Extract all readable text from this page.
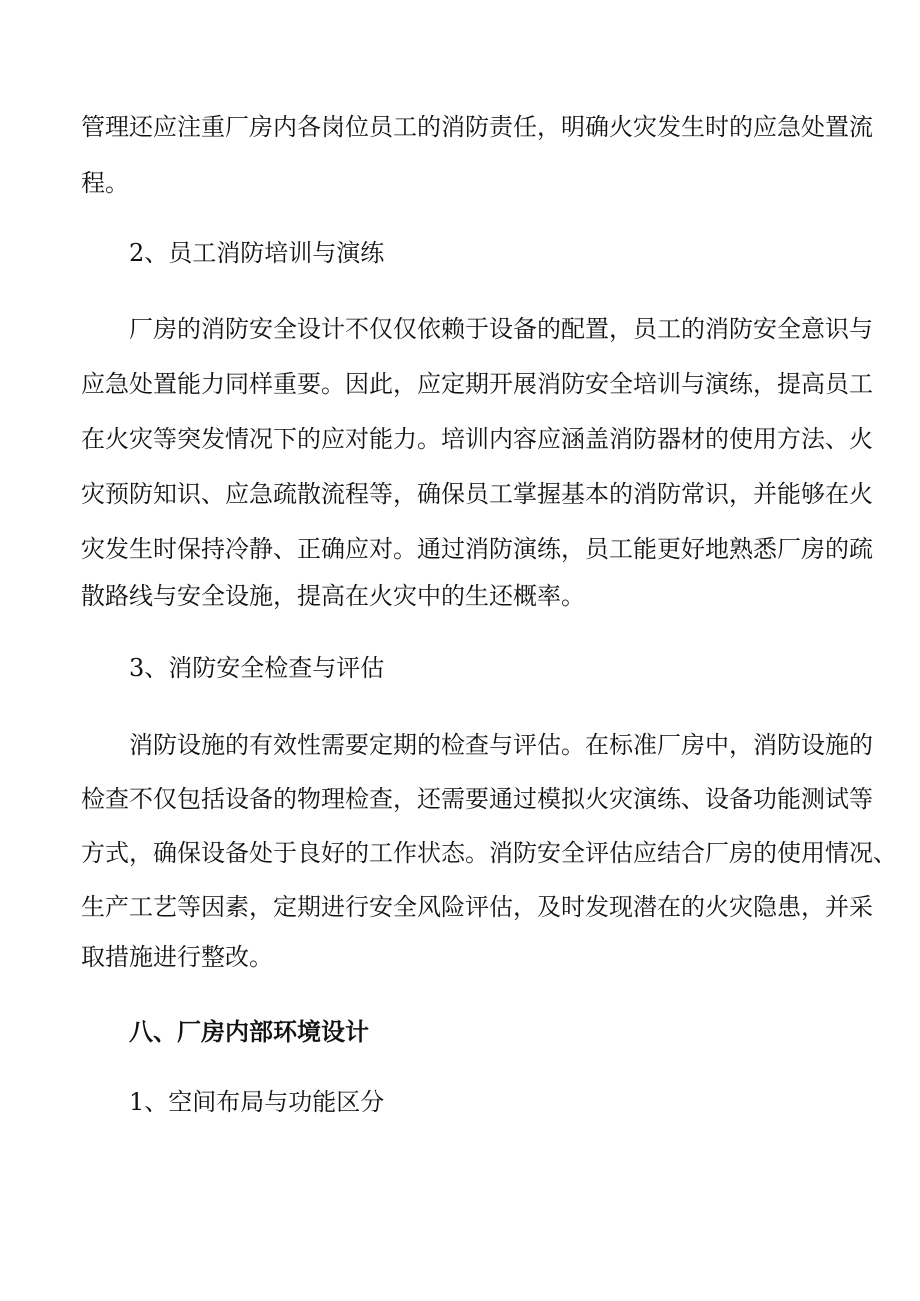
管理还应注重厂房内各岗位员工的消防责任，明确火灾发生时的应急处置流
程。
2、员工消防培训与演练
厂房的消防安全设计不仅仅依赖于设备的配置，员工的消防安全意识与
应急处置能力同样重要。因此，应定期开展消防安全培训与演练，提高员工
在火灾等突发情况下的应对能力。培训内容应涵盖消防器材的使用方法、火
灾预防知识、应急疏散流程等，确保员工掌握基本的消防常识，并能够在火
灾发生时保持冷静、正确应对。通过消防演练，员工能更好地熟悉厂房的疏
散路线与安全设施，提高在火灾中的生还概率。
3、消防安全检查与评估
消防设施的有效性需要定期的检查与评估。在标准厂房中，消防设施的
检查不仅包括设备的物理检查，还需要通过模拟火灾演练、设备功能测试等
方式，确保设备处于良好的工作状态。消防安全评估应结合厂房的使用情况、
生产工艺等因素，定期进行安全风险评估，及时发现潜在的火灾隐患，并采
取措施进行整改。
八、厂房内部环境设计
1、空间布局与功能区分
